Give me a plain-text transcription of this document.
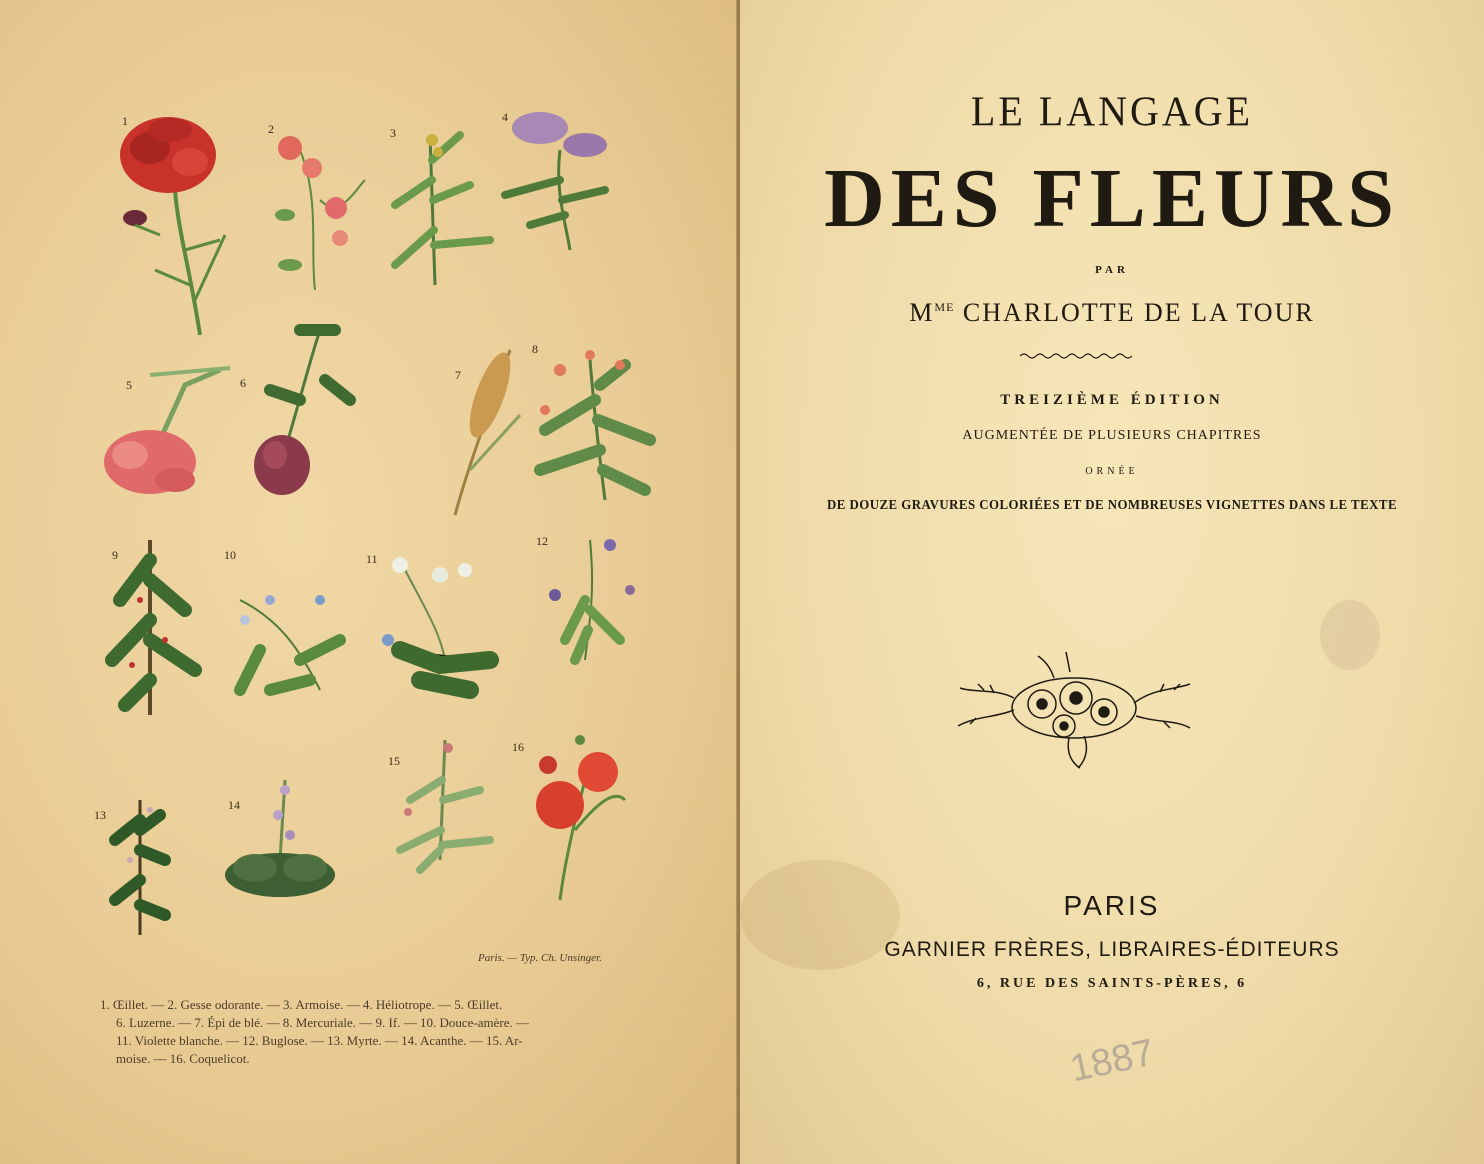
1
2	3
4
5	6
7
8
9	10	11
12
13
14
15
16
Paris. — Typ. Ch. Unsinger.
1. Œillet. — 2. Gesse odorante. — 3. Armoise. — 4. Héliotrope. — 5. Œillet.
6. Luzerne. — 7. Épi de blé. — 8. Mercuriale. — 9. If. — 10. Douce-amère. —
11. Violette blanche. — 12. Buglose. — 13. Myrte. — 14. Acanthe. — 15. Ar-
moise. — 16. Coquelicot.
LE LANGAGE
DES FLEURS
PAR
$M^{ME}$ CHARLOTTE DE LA TOUR
TREIZIÈME ÉDITION
AUGMENTÉE DE PLUSIEURS CHAPITRES
ORNÉE
DE DOUZE GRAVURES COLORIÉES ET DE NOMBREUSES VIGNETTES DANS LE TEXTE
PARIS
GARNIER FRÈRES, LIBRAIRES-ÉDITEURS
6, RUE DES SAINTS-PÈRES, 6
1887
